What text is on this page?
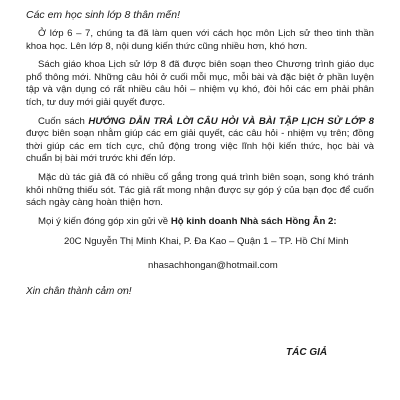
Các em học sinh lớp 8 thân mến!

Ở lớp 6 – 7, chúng ta đã làm quen với cách học môn Lịch sử theo tinh thần khoa học. Lên lớp 8, nội dung kiến thức cũng nhiều hơn, khó hơn.

Sách giáo khoa Lịch sử lớp 8 đã được biên soạn theo Chương trình giáo dục phổ thông mới. Những câu hỏi ở cuối mỗi mục, mỗi bài và đặc biệt ở phần luyện tập và vận dụng có rất nhiều câu hỏi – nhiệm vụ khó, đòi hỏi các em phải phân tích, tư duy mới giải quyết được.

Cuốn sách HƯỚNG DẪN TRẢ LỜI CÂU HỎI VÀ BÀI TẬP LỊCH SỬ LỚP 8 được biên soạn nhằm giúp các em giải quyết, các câu hỏi - nhiệm vụ trên; đồng thời giúp các em tích cực, chủ động trong việc lĩnh hội kiến thức, học bài và chuẩn bị bài mới trước khi đến lớp.

Mặc dù tác giả đã có nhiều cố gắng trong quá trình biên soạn, song khó tránh khỏi những thiếu sót. Tác giả rất mong nhận được sự góp ý của bạn đọc để cuốn sách ngày càng hoàn thiện hơn.

Mọi ý kiến đóng góp xin gửi về Hộ kinh doanh Nhà sách Hồng Ân 2:

20C Nguyễn Thị Minh Khai, P. Đa Kao – Quận 1 – TP. Hồ Chí Minh

nhasachhongan@hotmail.com

Xin chân thành cảm ơn!

TÁC GIẢ
